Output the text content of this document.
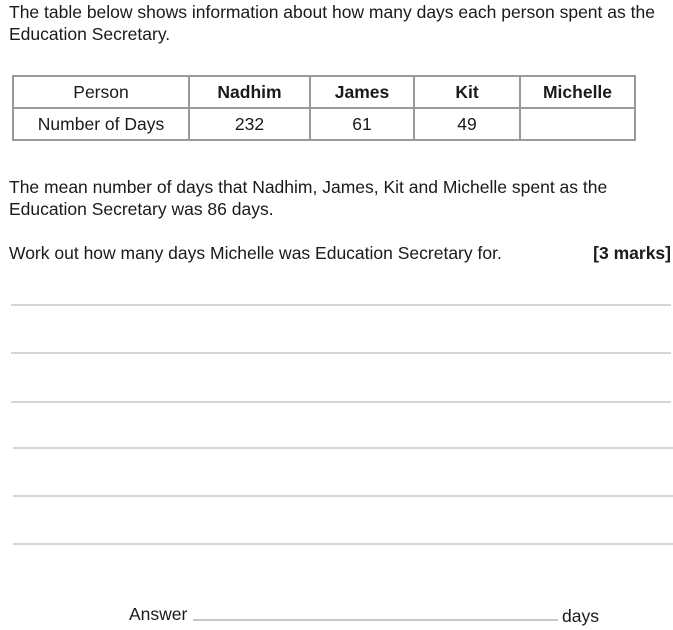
The table below shows information about how many days each person spent as the Education Secretary.
Person	Nadhim	James	Kit	Michelle
Number of Days	232	61	49	
The mean number of days that Nadhim, James, Kit and Michelle spent as the Education Secretary was 86 days.
Work out how many days Michelle was Education Secretary for.	[3 marks]
Answer	days
